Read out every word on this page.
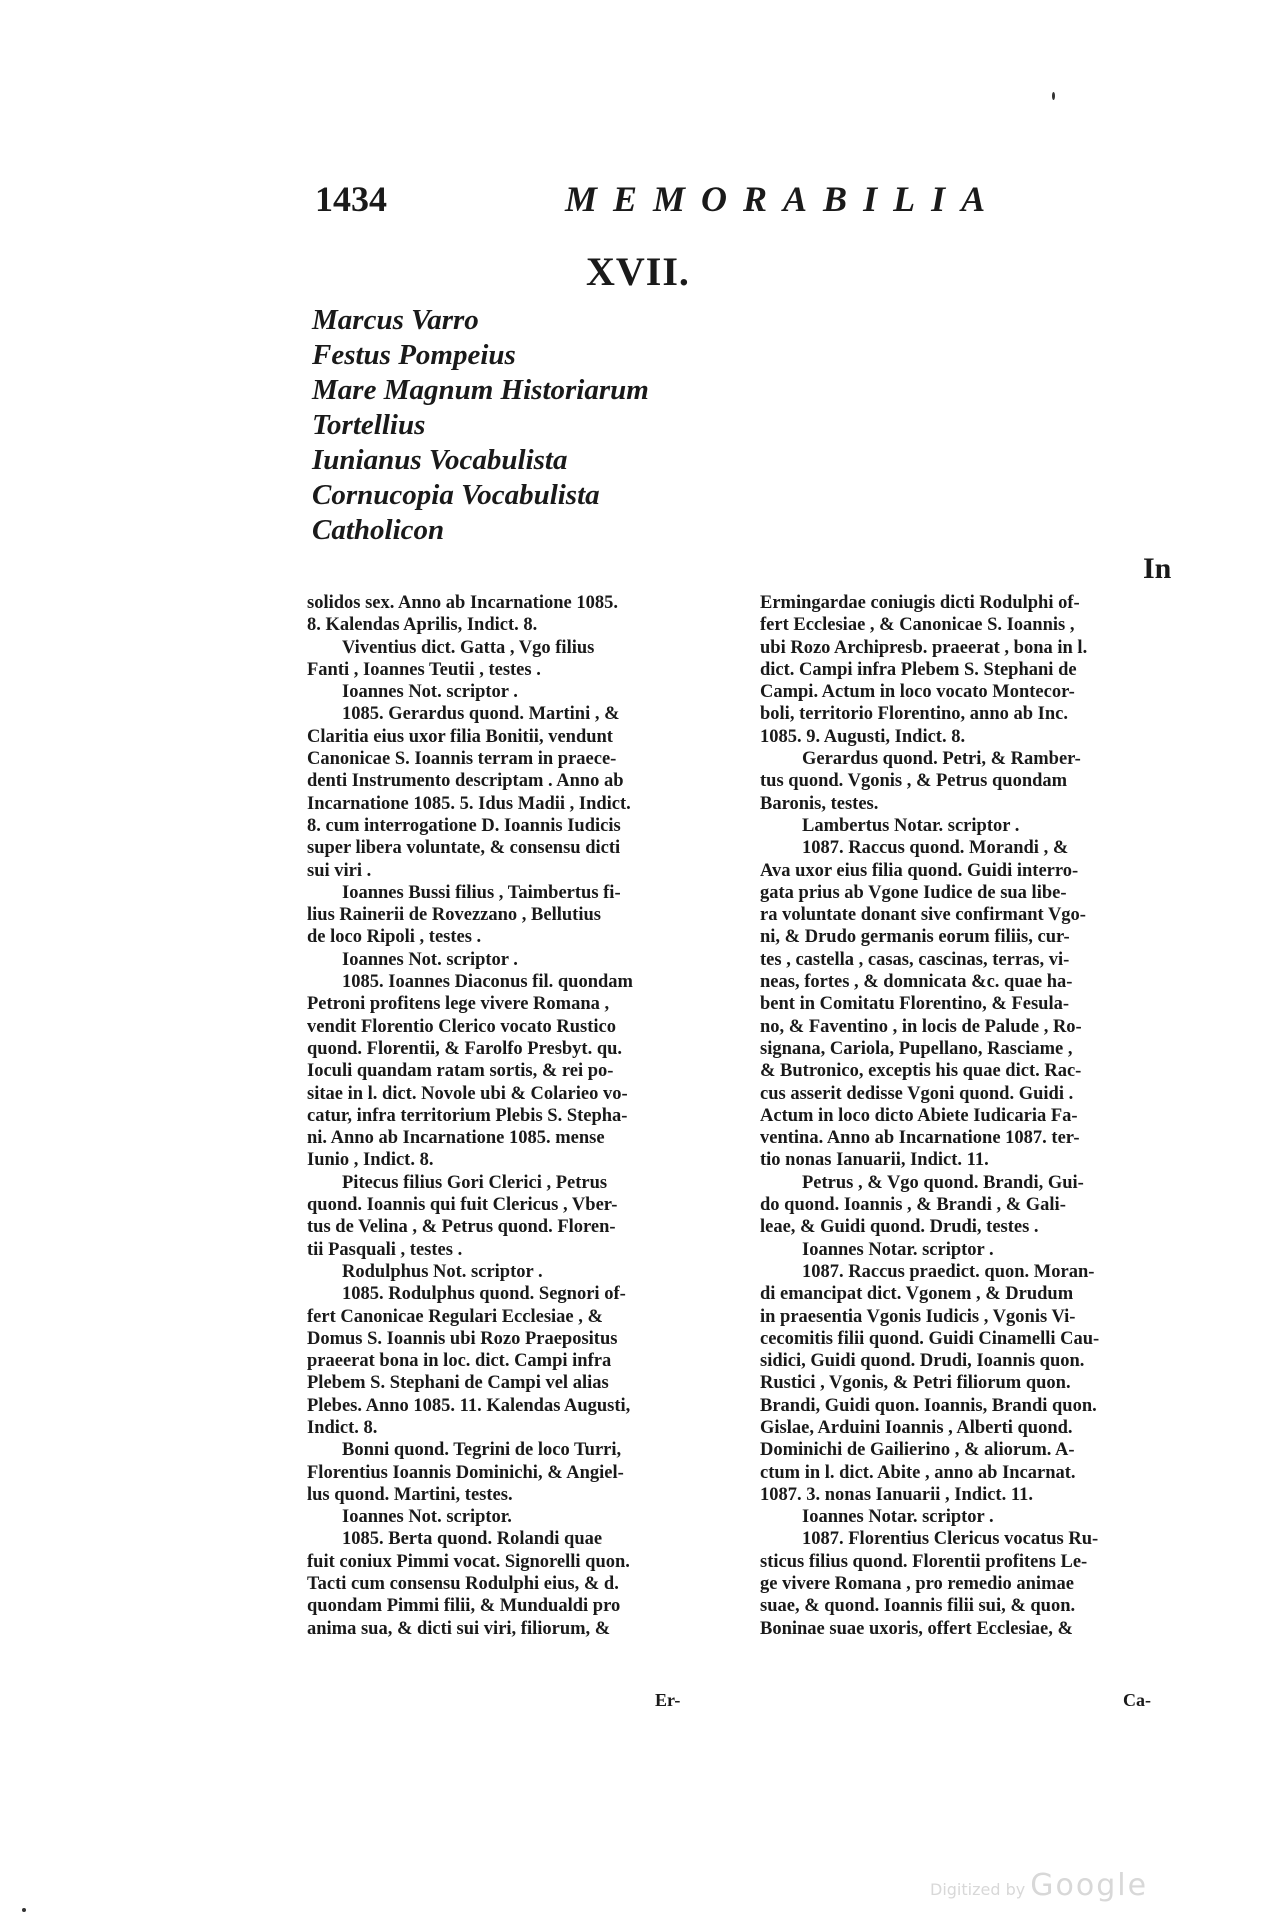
1434	MEMORABILIA
XVII.
Marcus Varro
Festus Pompeius
Mare Magnum Historiarum
Tortellius
Iunianus Vocabulista
Cornucopia Vocabulista
Catholicon
In
solidos sex. Anno ab Incarnatione 1085.
8. Kalendas Aprilis, Indict. 8.
Viventius dict. Gatta , Vgo filius
Fanti , Ioannes Teutii , testes .
Ioannes Not. scriptor .
1085. Gerardus quond. Martini , &
Claritia eius uxor filia Bonitii, vendunt
Canonicae S. Ioannis terram in praece-
denti Instrumento descriptam . Anno ab
Incarnatione 1085. 5. Idus Madii , Indict.
8. cum interrogatione D. Ioannis Iudicis
super libera voluntate, & consensu dicti
sui viri .
Ioannes Bussi filius , Taimbertus fi-
lius Rainerii de Rovezzano , Bellutius
de loco Ripoli , testes .
Ioannes Not. scriptor .
1085. Ioannes Diaconus fil. quondam
Petroni profitens lege vivere Romana ,
vendit Florentio Clerico vocato Rustico
quond. Florentii, & Farolfo Presbyt. qu.
Ioculi quandam ratam sortis, & rei po-
sitae in l. dict. Novole ubi & Colarieo vo-
catur, infra territorium Plebis S. Stepha-
ni. Anno ab Incarnatione 1085. mense
Iunio , Indict. 8.
Pitecus filius Gori Clerici , Petrus
quond. Ioannis qui fuit Clericus , Vber-
tus de Velina , & Petrus quond. Floren-
tii Pasquali , testes .
Rodulphus Not. scriptor .
1085. Rodulphus quond. Segnori of-
fert Canonicae Regulari Ecclesiae , &
Domus S. Ioannis ubi Rozo Praepositus
praeerat bona in loc. dict. Campi infra
Plebem S. Stephani de Campi vel alias
Plebes. Anno 1085. 11. Kalendas Augusti,
Indict. 8.
Bonni quond. Tegrini de loco Turri,
Florentius Ioannis Dominichi, & Angiel-
lus quond. Martini, testes.
Ioannes Not. scriptor.
1085. Berta quond. Rolandi quae
fuit coniux Pimmi vocat. Signorelli quon.
Tacti cum consensu Rodulphi eius, & d.
quondam Pimmi filii, & Mundualdi pro
anima sua, & dicti sui viri, filiorum, &
Ermingardae coniugis dicti Rodulphi of-
fert Ecclesiae , & Canonicae S. Ioannis ,
ubi Rozo Archipresb. praeerat , bona in l.
dict. Campi infra Plebem S. Stephani de
Campi. Actum in loco vocato Montecor-
boli, territorio Florentino, anno ab Inc.
1085. 9. Augusti, Indict. 8.
Gerardus quond. Petri, & Ramber-
tus quond. Vgonis , & Petrus quondam
Baronis, testes.
Lambertus Notar. scriptor .
1087. Raccus quond. Morandi , &
Ava uxor eius filia quond. Guidi interro-
gata prius ab Vgone Iudice de sua libe-
ra voluntate donant sive confirmant Vgo-
ni, & Drudo germanis eorum filiis, cur-
tes , castella , casas, cascinas, terras, vi-
neas, fortes , & domnicata &c. quae ha-
bent in Comitatu Florentino, & Fesula-
no, & Faventino , in locis de Palude , Ro-
signana, Cariola, Pupellano, Rasciame ,
& Butronico, exceptis his quae dict. Rac-
cus asserit dedisse Vgoni quond. Guidi .
Actum in loco dicto Abiete Iudicaria Fa-
ventina. Anno ab Incarnatione 1087. ter-
tio nonas Ianuarii, Indict. 11.
Petrus , & Vgo quond. Brandi, Gui-
do quond. Ioannis , & Brandi , & Gali-
leae, & Guidi quond. Drudi, testes .
Ioannes Notar. scriptor .
1087. Raccus praedict. quon. Moran-
di emancipat dict. Vgonem , & Drudum
in praesentia Vgonis Iudicis , Vgonis Vi-
cecomitis filii quond. Guidi Cinamelli Cau-
sidici, Guidi quond. Drudi, Ioannis quon.
Rustici , Vgonis, & Petri filiorum quon.
Brandi, Guidi quon. Ioannis, Brandi quon.
Gislae, Arduini Ioannis , Alberti quond.
Dominichi de Gailierino , & aliorum. A-
ctum in l. dict. Abite , anno ab Incarnat.
1087. 3. nonas Ianuarii , Indict. 11.
Ioannes Notar. scriptor .
1087. Florentius Clericus vocatus Ru-
sticus filius quond. Florentii profitens Le-
ge vivere Romana , pro remedio animae
suae, & quond. Ioannis filii sui, & quon.
Boninae suae uxoris, offert Ecclesiae, &
Er-	Ca-
Digitized by Google
